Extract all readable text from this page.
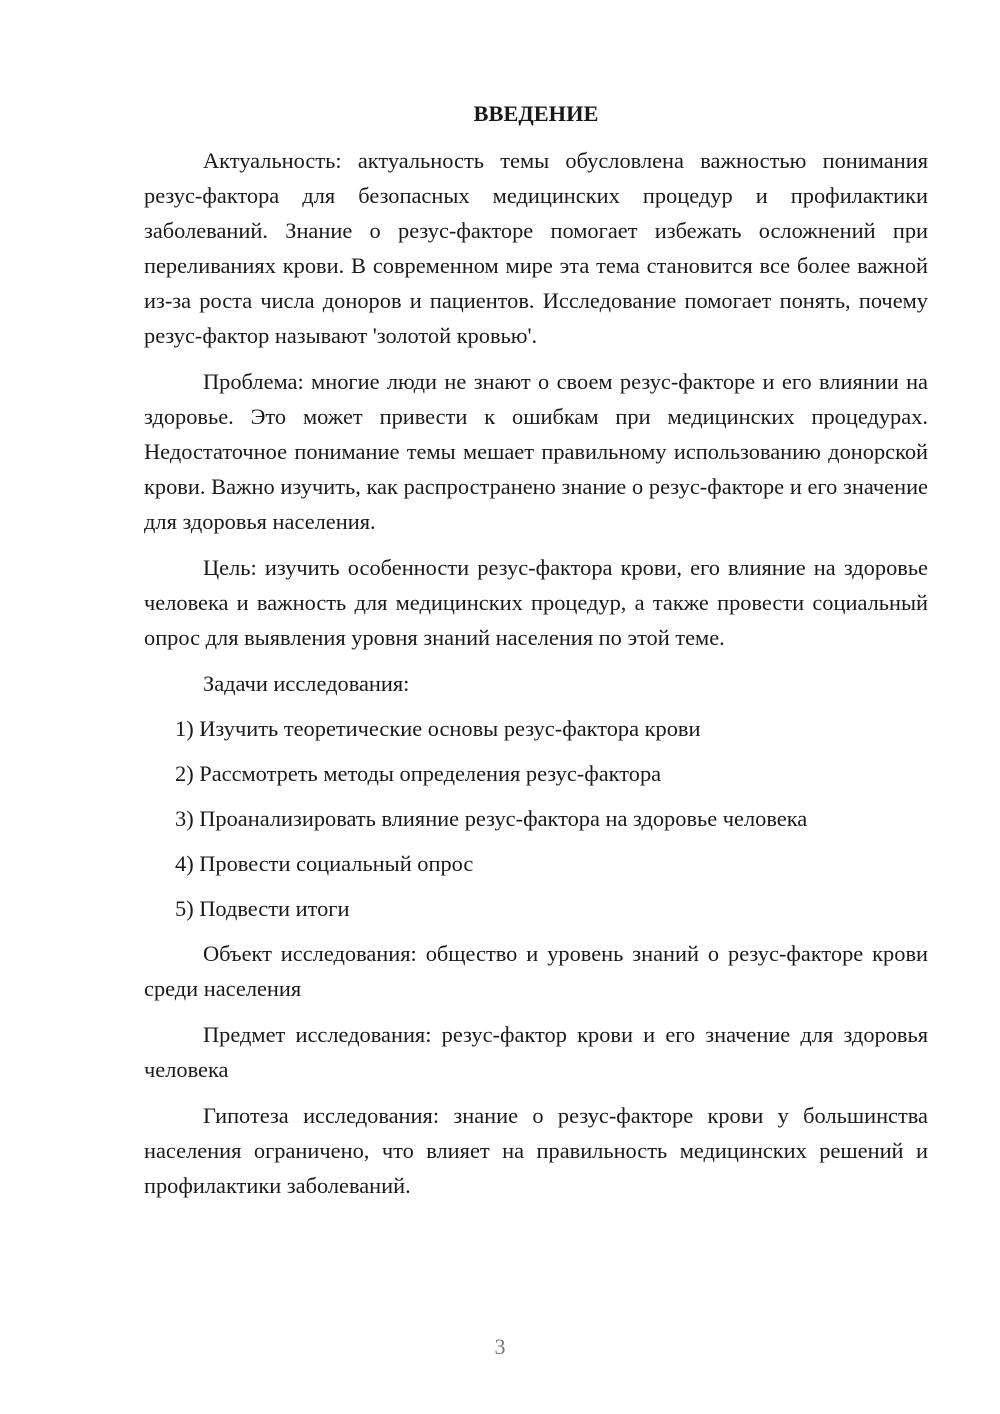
ВВЕДЕНИЕ

Актуальность: актуальность темы обусловлена важностью понимания резус-фактора для безопасных медицинских процедур и профилактики заболеваний. Знание о резус-факторе помогает избежать осложнений при переливаниях крови. В современном мире эта тема становится все более важной из-за роста числа доноров и пациентов. Исследование помогает понять, почему резус-фактор называют 'золотой кровью'.

Проблема: многие люди не знают о своем резус-факторе и его влиянии на здоровье. Это может привести к ошибкам при медицинских процедурах. Недостаточное понимание темы мешает правильному использованию донорской крови. Важно изучить, как распространено знание о резус-факторе и его значение для здоровья населения.

Цель: изучить особенности резус-фактора крови, его влияние на здоровье человека и важность для медицинских процедур, а также провести социальный опрос для выявления уровня знаний населения по этой теме.

Задачи исследования:

1) Изучить теоретические основы резус-фактора крови

2) Рассмотреть методы определения резус-фактора

3) Проанализировать влияние резус-фактора на здоровье человека

4) Провести социальный опрос

5) Подвести итоги

Объект исследования: общество и уровень знаний о резус-факторе крови среди населения

Предмет исследования: резус-фактор крови и его значение для здоровья человека

Гипотеза исследования: знание о резус-факторе крови у большинства населения ограничено, что влияет на правильность медицинских решений и профилактики заболеваний.

3
